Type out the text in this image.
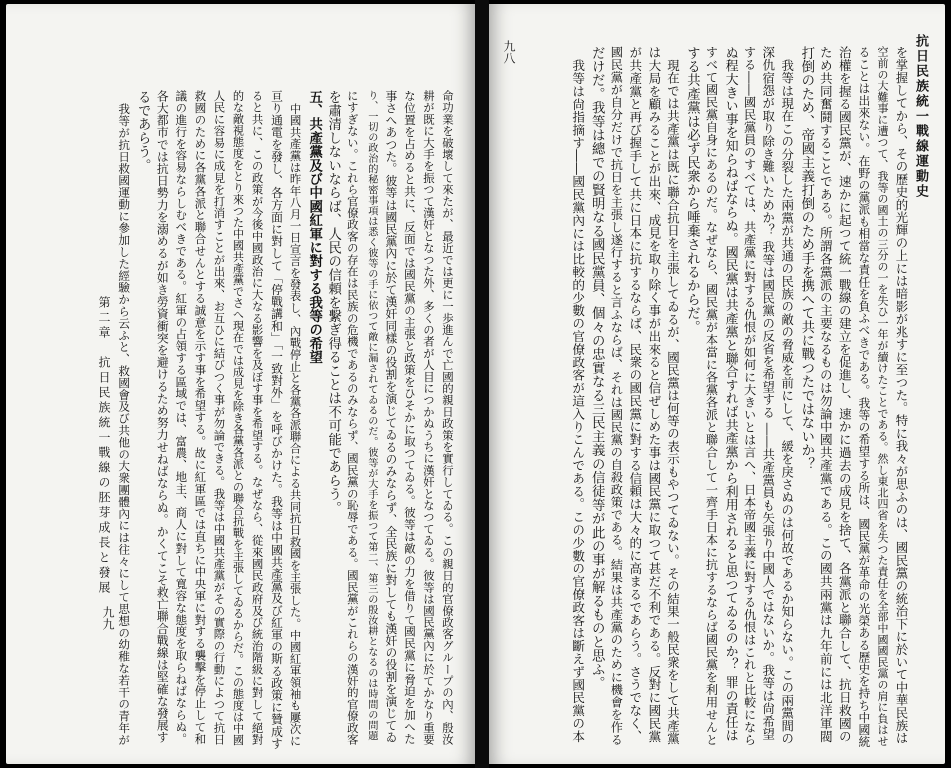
抗日民族統一戰線運動史
九八	を掌握してから、その歷史的光輝の上には暗影が兆すに至つた。特に我々が思ふのは、國民黨の統治下に於いて中華民族は
空前の大難事に遭つて、我等の國土の三分の一を失ひ一年が續けたことである。然し東北四省を失つた責任を全部中國國民黨の肩に負はせ
ることは出來ない。在野の黨派も相當な責任を負ふべきである。我等の希望する所は、國民黨が革命の光榮ある歷史を持ち中國統
治權を握る國民黨が、速かに起つて統一戰線の建立を促進し、速かに過去の成見を捨て、各黨派と聯合して、抗日救國の
ため共同奮鬪することである。所謂各黨派の主要なるものは勿論中國共產黨である。この國共兩黨は九年前には北洋軍閥
打倒のため、帝國主義打倒のため手を携へて共に戰つたではないか？
我等は現在この分裂した兩黨が共通の民族の敵の脅威を前にして、緩を戾さぬのは何故であるか知らない。この兩黨間の
深仇宿怨が取り除き難いためか？ 我等は國民黨の反省を希望する ――共產黨員も矢張り中國人ではないか。我等は尙希望
する――國民黨員のすべては、共產黨に對する仇恨が如何に大きいとは言へ、日本帝國主義に對する仇恨はこれと比較になら
ぬ程大きい事を知らねばならぬ。國民黨は共產黨と聯合すれば共產黨から利用されると思つてゐるのか？ 罪の責任は
すべて國民黨自身にあるのだ。なぜなら、國民黨が本當に各黨各派と聯合して一齊手日本に抗するならば國民黨を利用せんと
する共產黨は必ず民衆から唾棄されるからだ。
現在では共產黨は既に聯合抗日を主張してゐるが、國民黨は何等の表示もやつてゐない。その結果一般民衆をして共產黨
は大局を顧みることが出來、成見を取り除く事が出來ると信ぜしめた事は國民黨に取つて甚だ不利である。反對に國民黨
が共產黨と再び握手して共に日本に抗するならば、民衆の國民黨に對する信頼は大々的に高まるであらう。さうでなく、
國民黨が自分だけで抗日を主張し遂行すると言ふならば、それは國民黨の自殺政策である。結果は共產黨のために機會を作る
だけだ。我等は總での賢明なる國民黨員、個々の忠實なる三民主義の信徒等が此の事が解るものと思ふ。
我等は尙指摘す――國民黨內には比較的少數の官僚政客が這入りこんである。この少數の官僚政客は斷えず國民黨の本
第二章　抗日民族統一戰線の胚芽成長と發展
九九	命功業を破壞して來たが、最近では更に一歩進んで亡國的親日政策を實行してゐる。この親日的官僚政客グループの內、殷汝
耕が既に大手を振つて漢奸となつた外、多くの者が人目につかぬうちに漢奸となつてゐる。彼等は國民黨內に於てかなり重要
な位置を占めると共に、反面では國民黨の主張と政策をひそかに取つてゐる。彼等は敵の力を借りて國民黨に脅迫を加へた
事さへあつた。彼等は國民黨內に於て漢奸同樣の役割を演じてゐるのみならず、全民族に對しても漢奸の役割を演じてゐ
り、一切の政治的秘密事項は悉く彼等の手に依つて敵に漏されてゐるのだ。彼等が大手を振つて第二、第三の殷汝耕となるのは時間の問題
にすぎない。これら官僚政客の存在は民族の危機であるのみならず、國民黨の恥辱である。國民黨がこれらの漢奸的官僚政客
を肅清しないならば、人民の信頼を繫ぎ得ることは不可能であらう。
五、共產黨及び中國紅軍に對する我等の希望
中國共產黨は昨年八月一日宣言を發表し、內戰停止と各黨各派聯合による共同抗日救國を主張した。中國紅軍領袖も屢次に
亘り通電を發し、各方面に對して「停戰講和」「一致對外」を呼びかけた。我等は中國共產黨及び紅軍の斯る政策に贊成す
ると共に、この政策が今後中國政治に大なる影響を及ぼす事を希望する。なぜなら、從來國民政府及び統治階級に對して絕對
的な敵視態度をとり來つた中國共產黨でさへ現在では成見を除き各黨各派との聯合抗戰を主張してゐるからだ。この態度は中國
人民に容易に成見を打消すことが出來、お互ひに結びつく事が勿論できる。我等は中國共產黨がその實際の行動によつて抗日
救國のために各黨各派と聯合せんとする誠意を示す事を希望する。故に紅軍區では直ちに中央軍に對する襲擊を停止して和
議の進行を容易ならしむべきである。紅軍の占領する區域では、富農、地主、商人に對して寬容な態度を取らねばならぬ。
各大都市では抗日勢力を溺めるが如き勞資衝突を避けるため努力せねばならぬ。かくてこそ救亡聯合戰線は堅確な發展す
るであらう。
我等が抗日救國運動に參加した經驗から云ふと、救國會及び共他の大衆團體內には往々にして思想の幼稚な若干の青年が
